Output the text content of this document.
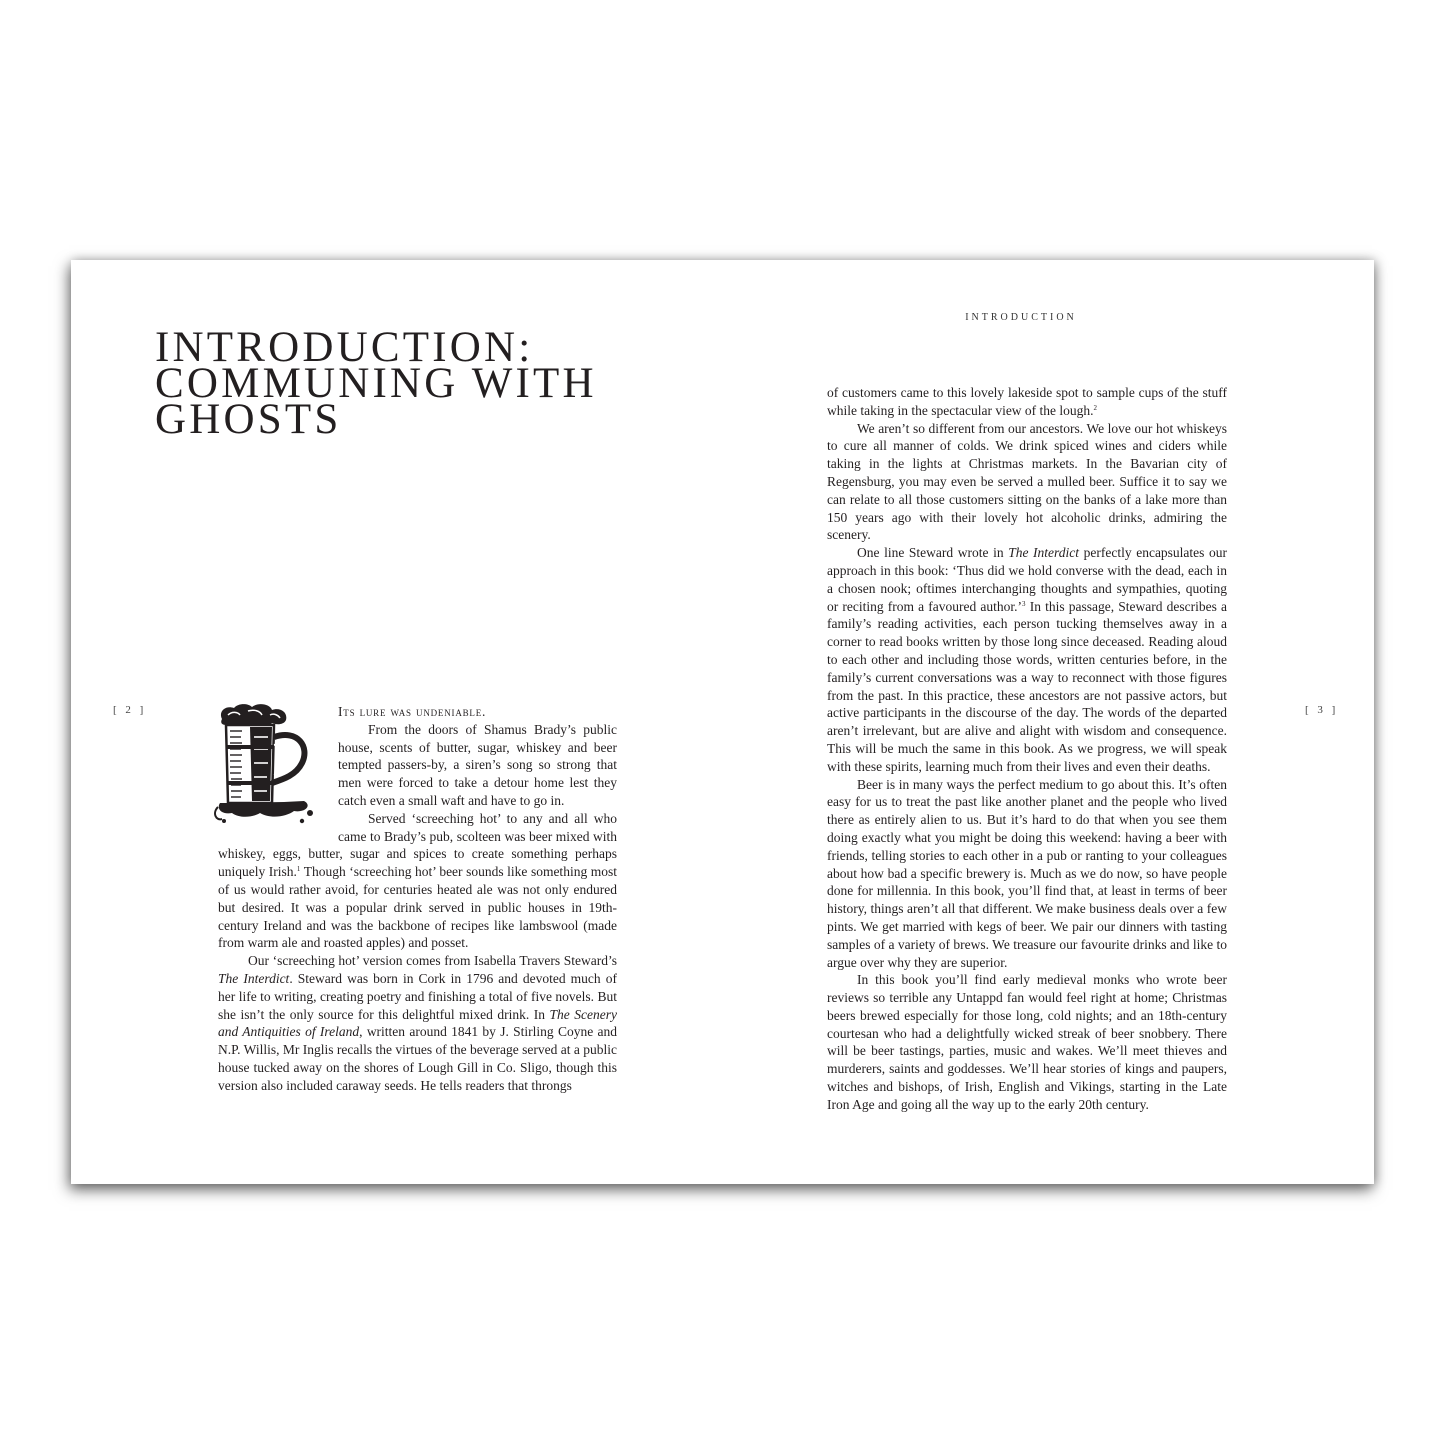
[ 2 ]	[ 3 ]
INTRODUCTION
INTRODUCTION:
COMMUNING WITH
GHOSTS

Its lure was undeniable.

From the doors of Shamus Brady’s public house, scents of butter, sugar, whiskey and beer tempted passers-by, a siren’s song so strong that men were forced to take a detour home lest they catch even a small waft and have to go in.

Served ‘screeching hot’ to any and all who came to Brady’s pub, scolteen was beer mixed with whiskey, eggs, butter, sugar and spices to create something perhaps uniquely Irish.$^1$ Though ‘screeching hot’ beer sounds like something most of us would rather avoid, for centuries heated ale was not only endured but desired. It was a popular drink served in public houses in 19th-century Ireland and was the backbone of recipes like lambswool (made from warm ale and roasted apples) and posset.

Our ‘screeching hot’ version comes from Isabella Travers Steward’s The Interdict. Steward was born in Cork in 1796 and devoted much of her life to writing, creating poetry and finishing a total of five novels. But she isn’t the only source for this delightful mixed drink. In The Scenery and Antiquities of Ireland, written around 1841 by J. Stirling Coyne and N.P. Willis, Mr Inglis recalls the virtues of the beverage served at a public house tucked away on the shores of Lough Gill in Co. Sligo, though this version also included caraway seeds. He tells readers that throngs

of customers came to this lovely lakeside spot to sample cups of the stuff while taking in the spectacular view of the lough.$^2$

We aren’t so different from our ancestors. We love our hot whiskeys to cure all manner of colds. We drink spiced wines and ciders while taking in the lights at Christmas markets. In the Bavarian city of Regensburg, you may even be served a mulled beer. Suffice it to say we can relate to all those customers sitting on the banks of a lake more than 150 years ago with their lovely hot alcoholic drinks, admiring the scenery.

One line Steward wrote in The Interdict perfectly encapsulates our approach in this book: ‘Thus did we hold converse with the dead, each in a chosen nook; oftimes interchanging thoughts and sympathies, quoting or reciting from a favoured author.’$^3$ In this passage, Steward describes a family’s reading activities, each person tucking themselves away in a corner to read books written by those long since deceased. Reading aloud to each other and including those words, written centuries before, in the family’s current conversations was a way to reconnect with those figures from the past. In this practice, these ancestors are not passive actors, but active participants in the discourse of the day. The words of the departed aren’t irrelevant, but are alive and alight with wisdom and consequence. This will be much the same in this book. As we progress, we will speak with these spirits, learning much from their lives and even their deaths.

Beer is in many ways the perfect medium to go about this. It’s often easy for us to treat the past like another planet and the people who lived there as entirely alien to us. But it’s hard to do that when you see them doing exactly what you might be doing this weekend: having a beer with friends, telling stories to each other in a pub or ranting to your colleagues about how bad a specific brewery is. Much as we do now, so have people done for millennia. In this book, you’ll find that, at least in terms of beer history, things aren’t all that different. We make business deals over a few pints. We get married with kegs of beer. We pair our dinners with tasting samples of a variety of brews. We treasure our favourite drinks and like to argue over why they are superior.

In this book you’ll find early medieval monks who wrote beer reviews so terrible any Untappd fan would feel right at home; Christmas beers brewed especially for those long, cold nights; and an 18th-century courtesan who had a delightfully wicked streak of beer snobbery. There will be beer tastings, parties, music and wakes. We’ll meet thieves and murderers, saints and goddesses. We’ll hear stories of kings and paupers, witches and bishops, of Irish, English and Vikings, starting in the Late Iron Age and going all the way up to the early 20th century.
